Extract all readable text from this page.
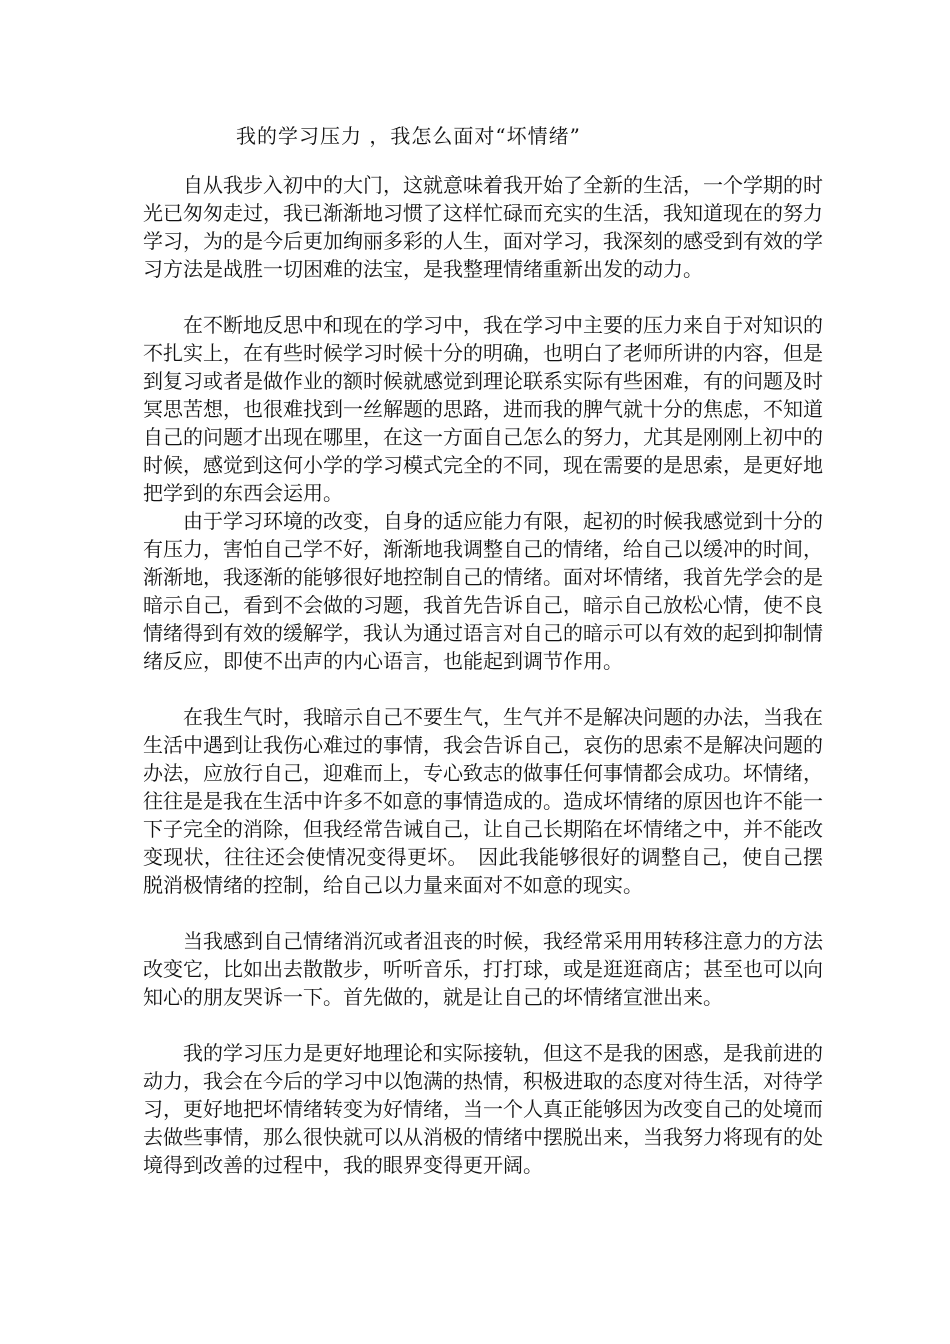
我的学习压力 ，我怎么面对“坏情绪”

自从我步入初中的大门，这就意味着我开始了全新的生活，一个学期的时光已匆匆走过，我已渐渐地习惯了这样忙碌而充实的生活，我知道现在的努力学习，为的是今后更加绚丽多彩的人生，面对学习，我深刻的感受到有效的学习方法是战胜一切困难的法宝，是我整理情绪重新出发的动力。

在不断地反思中和现在的学习中，我在学习中主要的压力来自于对知识的不扎实上，在有些时候学习时候十分的明确，也明白了老师所讲的内容，但是到复习或者是做作业的额时候就感觉到理论联系实际有些困难，有的问题及时冥思苦想，也很难找到一丝解题的思路，进而我的脾气就十分的焦虑，不知道自己的问题才出现在哪里，在这一方面自己怎么的努力，尤其是刚刚上初中的时候，感觉到这何小学的学习模式完全的不同，现在需要的是思索，是更好地把学到的东西会运用。

由于学习环境的改变，自身的适应能力有限，起初的时候我感觉到十分的有压力，害怕自己学不好，渐渐地我调整自己的情绪，给自己以缓冲的时间，渐渐地，我逐渐的能够很好地控制自己的情绪。面对坏情绪，我首先学会的是暗示自己，看到不会做的习题，我首先告诉自己，暗示自己放松心情，使不良情绪得到有效的缓解学，我认为通过语言对自己的暗示可以有效的起到抑制情绪反应，即使不出声的内心语言，也能起到调节作用。

在我生气时，我暗示自己不要生气，生气并不是解决问题的办法，当我在生活中遇到让我伤心难过的事情，我会告诉自己，哀伤的思索不是解决问题的办法，应放行自己，迎难而上，专心致志的做事任何事情都会成功。坏情绪，往往是是我在生活中许多不如意的事情造成的。造成坏情绪的原因也许不能一下子完全的消除，但我经常告诫自己，让自己长期陷在坏情绪之中，并不能改变现状，往往还会使情况变得更坏。　因此我能够很好的调整自己，使自己摆脱消极情绪的控制，给自己以力量来面对不如意的现实。

当我感到自己情绪消沉或者沮丧的时候，我经常采用用转移注意力的方法改变它，比如出去散散步，听听音乐，打打球，或是逛逛商店；甚至也可以向知心的朋友哭诉一下。首先做的，就是让自己的坏情绪宣泄出来。

我的学习压力是更好地理论和实际接轨，但这不是我的困惑，是我前进的动力，我会在今后的学习中以饱满的热情，积极进取的态度对待生活，对待学习，更好地把坏情绪转变为好情绪，当一个人真正能够因为改变自己的处境而去做些事情，那么很快就可以从消极的情绪中摆脱出来，当我努力将现有的处境得到改善的过程中，我的眼界变得更开阔。
